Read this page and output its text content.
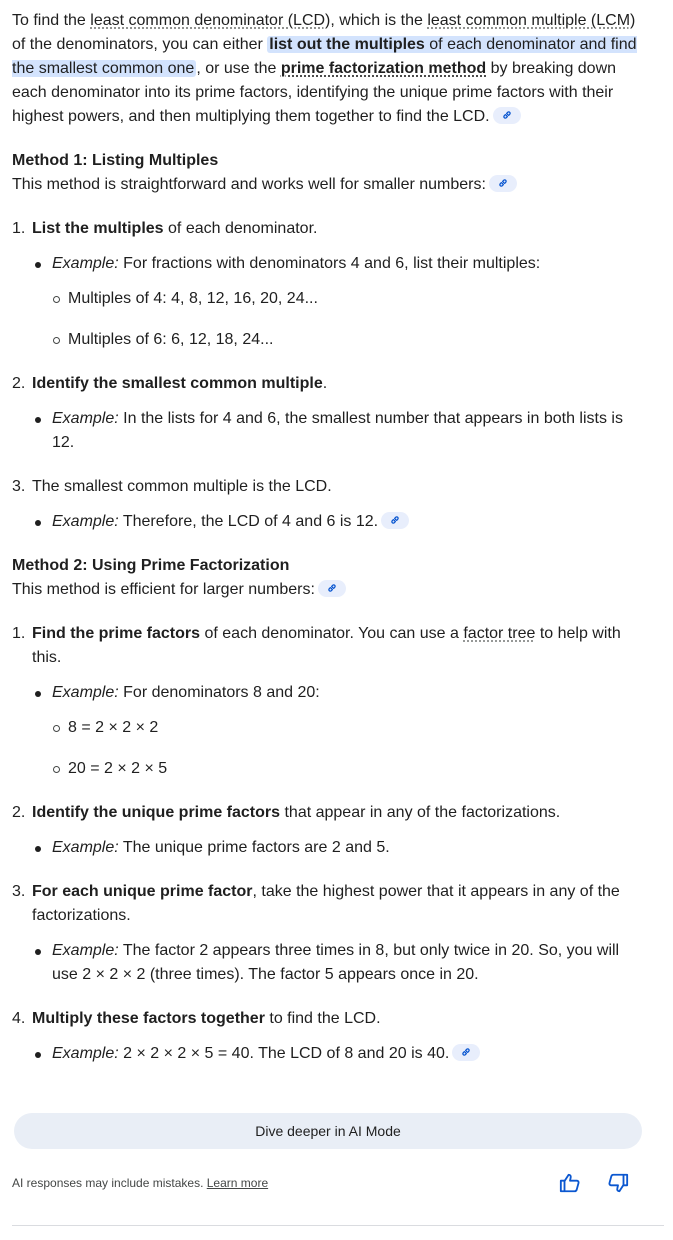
To find the least common denominator (LCD), which is the least common multiple (LCM) of the denominators, you can either list out the multiples of each denominator and find the smallest common one , or use the prime factorization method by breaking down each denominator into its prime factors, identifying the unique prime factors with their highest powers, and then multiplying them together to find the LCD.

Method 1: Listing Multiples

This method is straightforward and works well for smaller numbers:

1. List the multiples of each denominator.

Example: For fractions with denominators 4 and 6, list their multiples:
Multiples of 4: 4, 8, 12, 16, 20, 24...
Multiples of 6: 6, 12, 18, 24...
2. Identify the smallest common multiple.

Example: In the lists for 4 and 6, the smallest number that appears in both lists is 12.
3. The smallest common multiple is the LCD.

Example: Therefore, the LCD of 4 and 6 is 12.

Method 2: Using Prime Factorization

This method is efficient for larger numbers:

1. Find the prime factors of each denominator. You can use a factor tree to help with this.

Example: For denominators 8 and 20:
8 = 2 × 2 × 2
20 = 2 × 2 × 5
2. Identify the unique prime factors that appear in any of the factorizations.

Example: The unique prime factors are 2 and 5.
3. For each unique prime factor, take the highest power that it appears in any of the factorizations.

Example: The factor 2 appears three times in 8, but only twice in 20. So, you will use 2 × 2 × 2 (three times). The factor 5 appears once in 20.
4. Multiply these factors together to find the LCD.

Example: 2 × 2 × 2 × 5 = 40. The LCD of 8 and 20 is 40.
Dive deeper in AI Mode
AI responses may include mistakes. Learn more
